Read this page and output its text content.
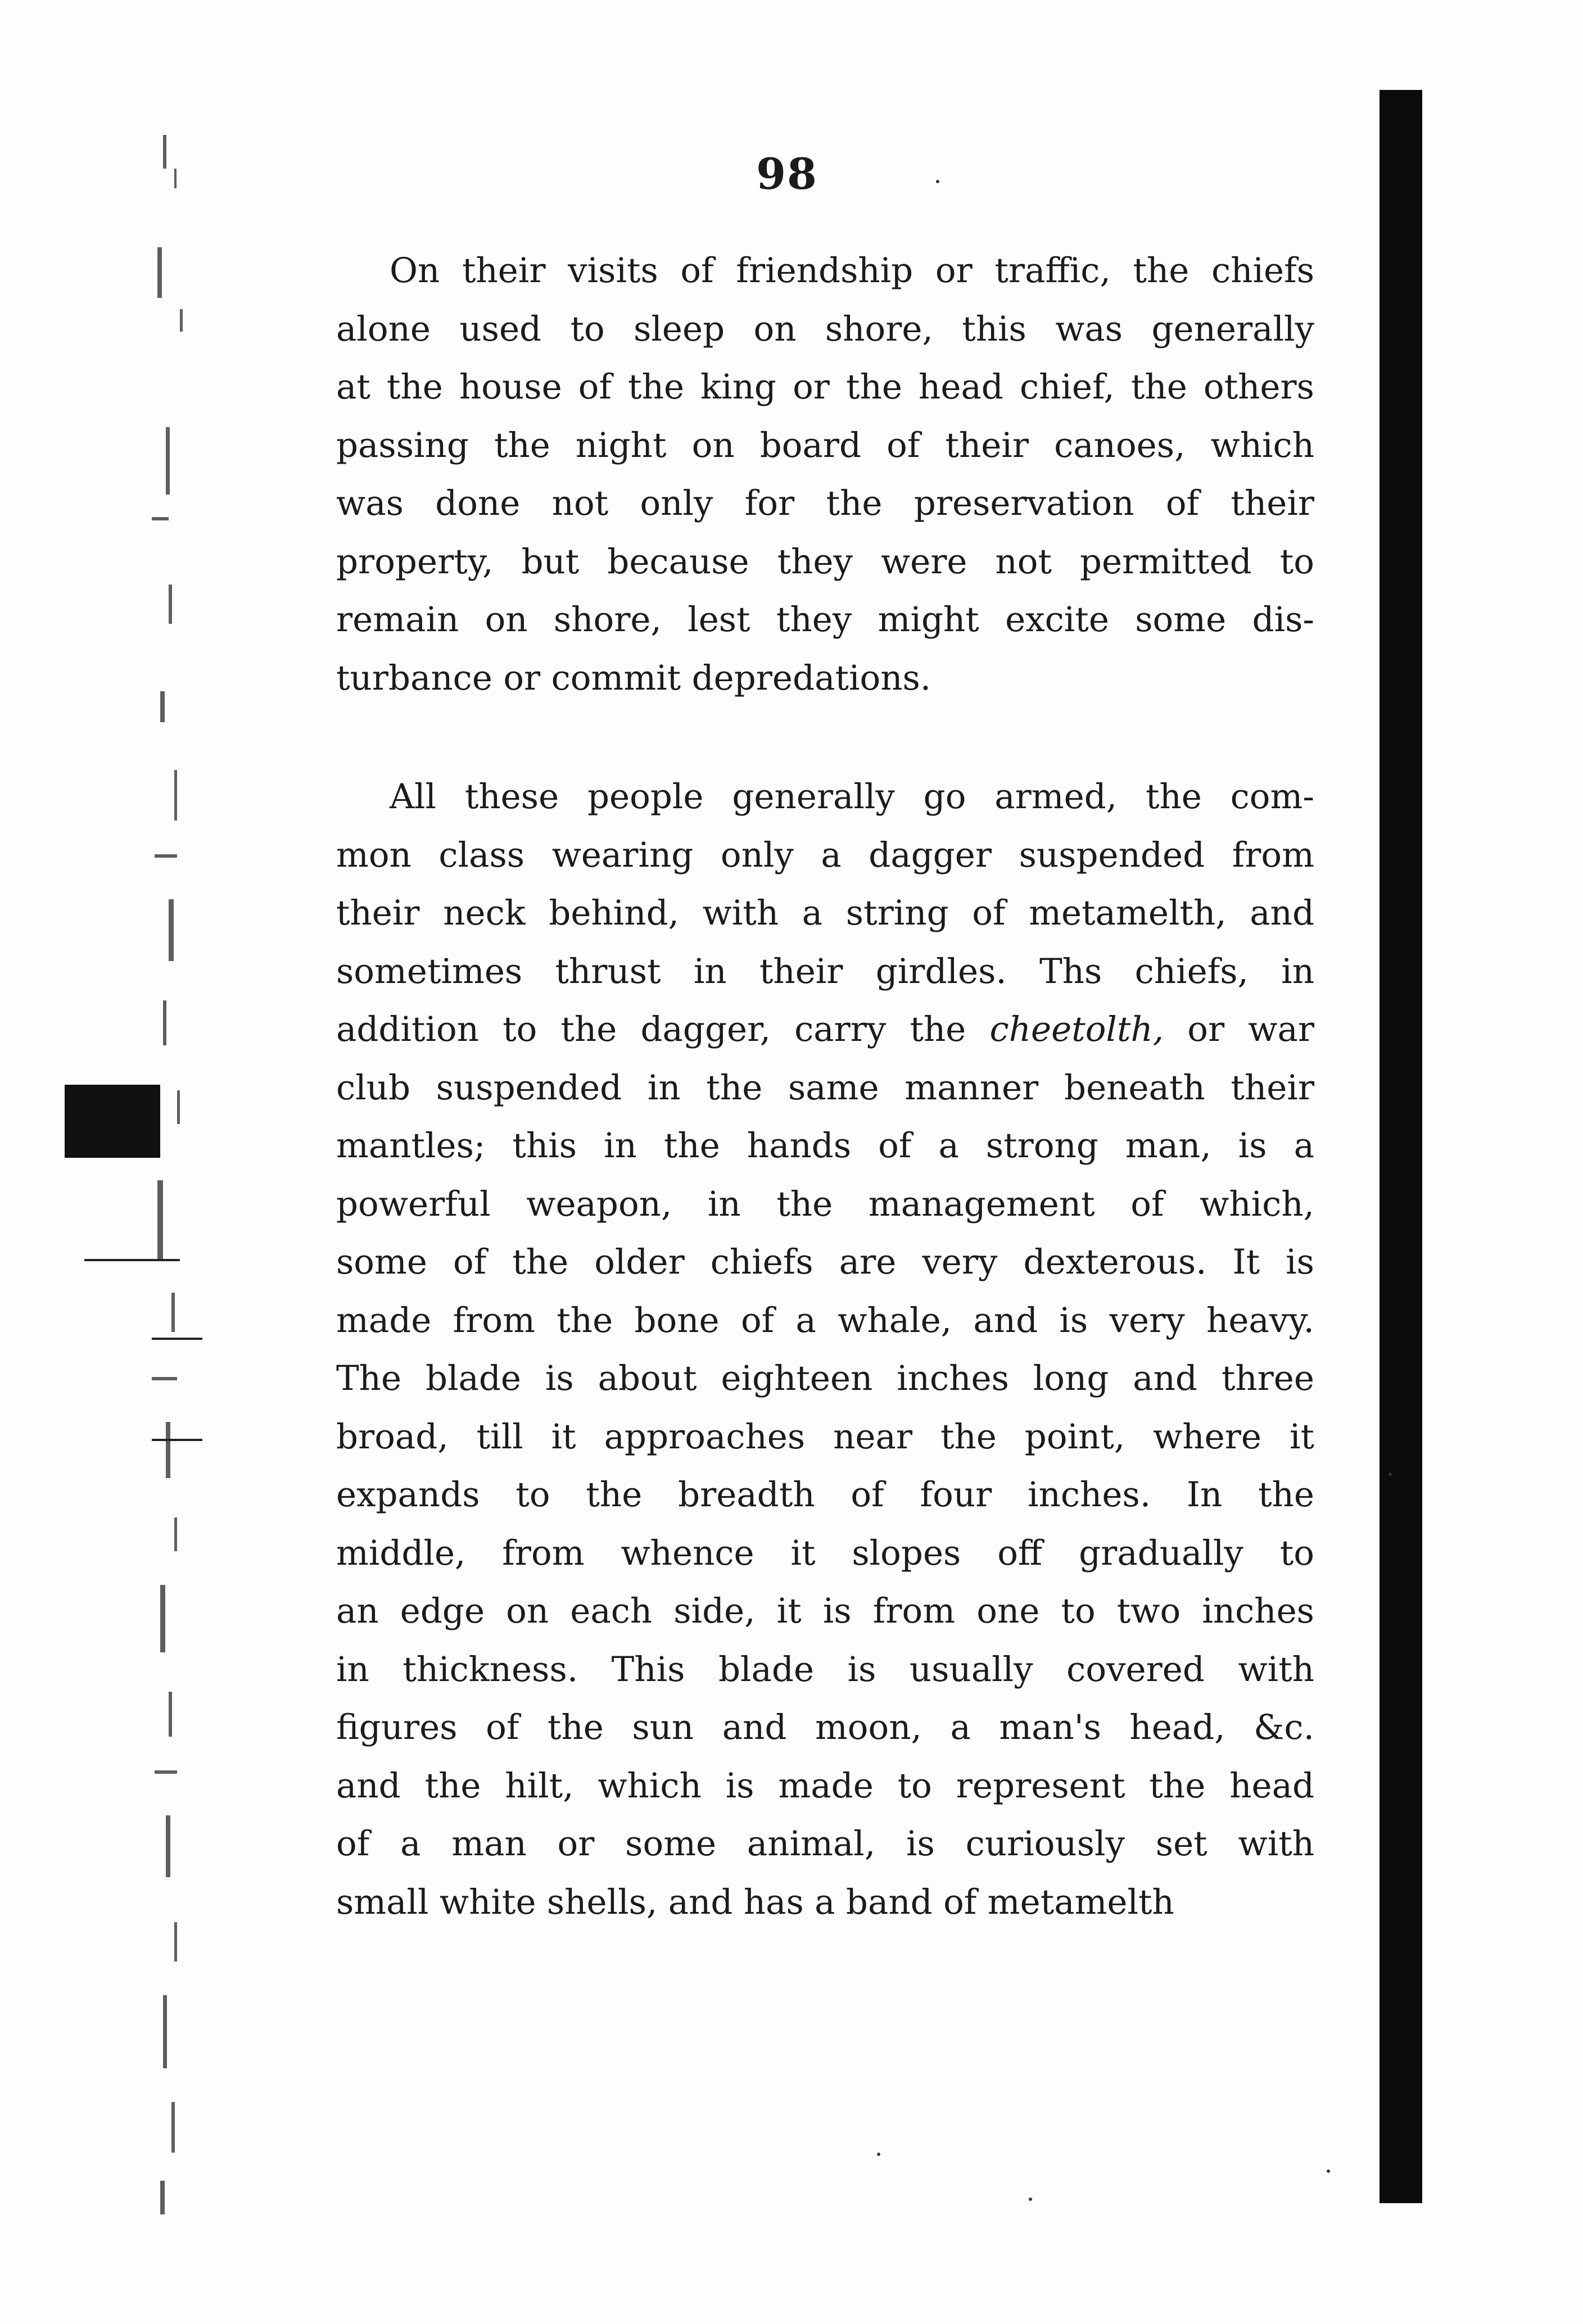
98
On their visits of friendship or traffic, the chiefs
alone used to sleep on shore, this was generally
at the house of the king or the head chief, the others
passing the night on board of their canoes, which
was done not only for the preservation of their
property, but because they were not permitted to
remain on shore, lest they might excite some dis-
turbance or commit depredations.
All these people generally go armed, the com-
mon class wearing only a dagger suspended from
their neck behind, with a string of metamelth, and
sometimes thrust in their girdles. Ths chiefs, in
addition to the dagger, carry the cheetolth, or war
club suspended in the same manner beneath their
mantles; this in the hands of a strong man, is a
powerful weapon, in the management of which,
some of the older chiefs are very dexterous. It is
made from the bone of a whale, and is very heavy.
The blade is about eighteen inches long and three
broad, till it approaches near the point, where it
expands to the breadth of four inches. In the
middle, from whence it slopes off gradually to
an edge on each side, it is from one to two inches
in thickness. This blade is usually covered with
figures of the sun and moon, a man's head, &c.
and the hilt, which is made to represent the head
of a man or some animal, is curiously set with
small white shells, and has a band of metamelth
